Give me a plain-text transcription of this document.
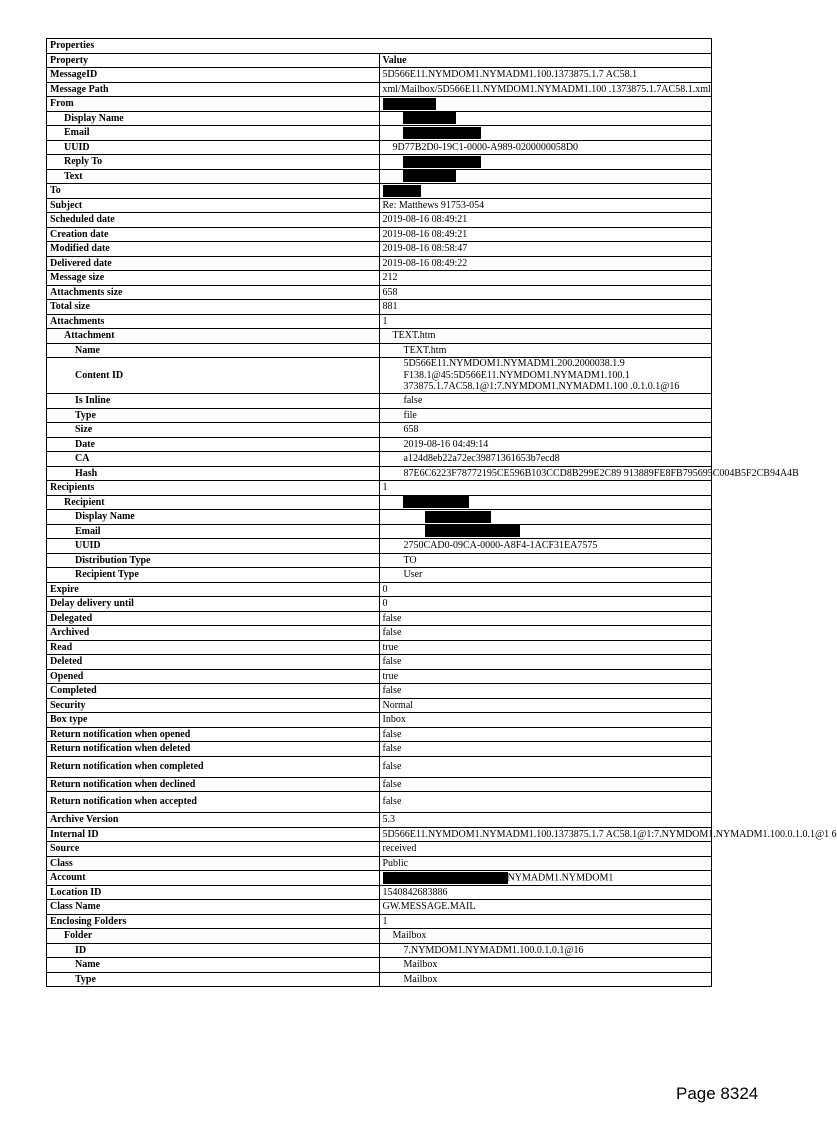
Properties	
Property	Value
MessageID	5D566E11.NYMDOM1.NYMADM1.100.1373875.1.7 AC58.1
Message Path	xml/Mailbox/5D566E11.NYMDOM1.NYMADM1.100 .1373875.1.7AC58.1.xml
From	
Display Name	
Email	
UUID	9D77B2D0-19C1-0000-A989-0200000058D0
Reply To	
Text	
To	
Subject	Re: Matthews 91753-054
Scheduled date	2019-08-16 08:49:21
Creation date	2019-08-16 08:49:21
Modified date	2019-08-16 08:58:47
Delivered date	2019-08-16 08:49:22
Message size	212
Attachments size	658
Total size	881
Attachments	1
Attachment	TEXT.htm
Name	TEXT.htm
Content ID	5D566E11.NYMDOM1.NYMADM1.200.2000038.1.9 F138.1@45:5D566E11.NYMDOM1.NYMADM1.100.1 373875.1.7AC58.1@1:7.NYMDOM1.NYMADM1.100 .0.1.0.1@16
Is Inline	false
Type	file
Size	658
Date	2019-08-16 04:49:14
CA	a124d8eb22a72ec39871361653b7ecd8
Hash	87E6C6223F78772195CE596B103CCD8B299E2C89 913889FE8FB795695C004B5F2CB94A4B
Recipients	1
Recipient	
Display Name	
Email	
UUID	2750CAD0-09CA-0000-A8F4-1ACF31EA7575
Distribution Type	TO
Recipient Type	User
Expire	0
Delay delivery until	0
Delegated	false
Archived	false
Read	true
Deleted	false
Opened	true
Completed	false
Security	Normal
Box type	Inbox
Return notification when opened	false
Return notification when deleted	false
Return notification when completed	false
Return notification when declined	false
Return notification when accepted	false
Archive Version	5.3
Internal ID	5D566E11.NYMDOM1.NYMADM1.100.1373875.1.7 AC58.1@1:7.NYMDOM1.NYMADM1.100.0.1.0.1@1 6
Source	received
Class	Public
Account	NYMADM1.NYMDOM1
Location ID	1540842683886
Class Name	GW.MESSAGE.MAIL
Enclosing Folders	1
Folder	Mailbox
ID	7.NYMDOM1.NYMADM1.100.0.1.0.1@16
Name	Mailbox
Type	Mailbox
Page 8324
